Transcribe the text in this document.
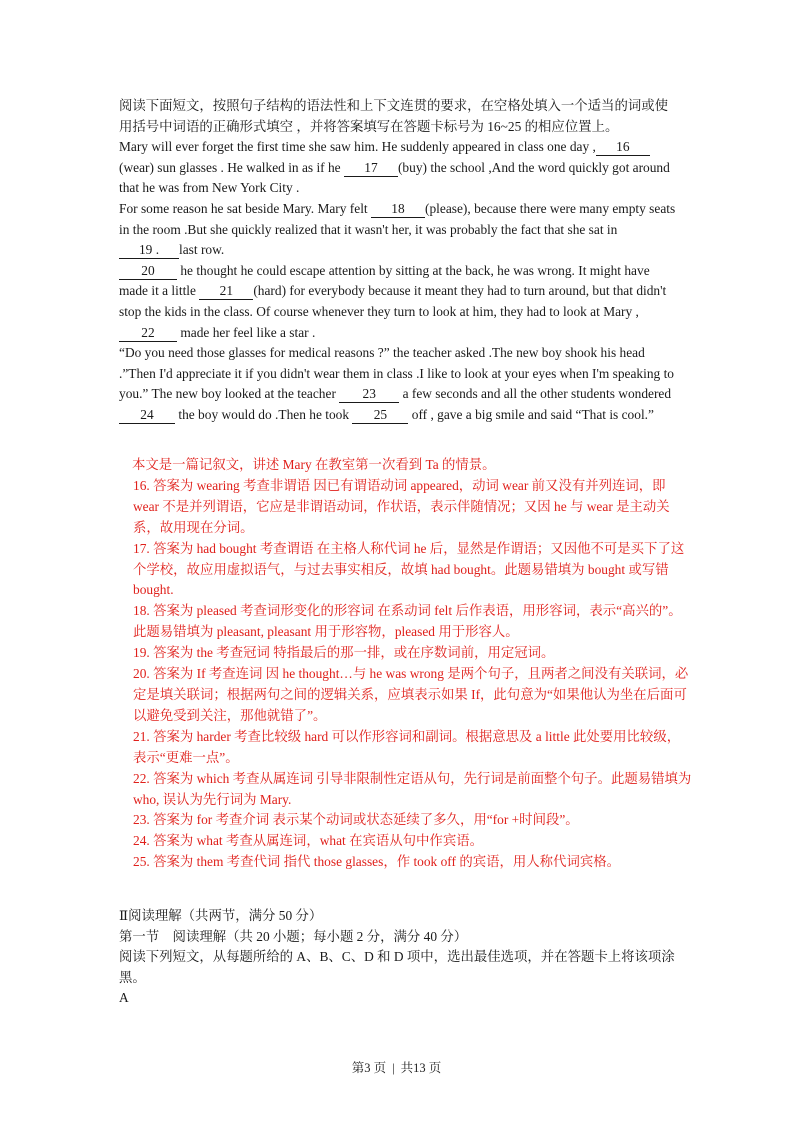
阅读下面短文，按照句子结构的语法性和上下文连贯的要求，在空格处填入一个适当的词或使用括号中词语的正确形式填空 ，并将答案填写在答题卡标号为 16~25 的相应位置上。

Mary will ever forget the first time she saw him. He suddenly appeared in class one day , 16(wear) sun glasses . He walked in as if he 17 (buy) the school ,And the word quickly got around that he was from New York City .

For some reason he sat beside Mary. Mary felt 18 (please), because there were many empty seats in the room .But she quickly realized that it wasn't her, it was probably the fact that she sat in 19 . last row.

20 he thought he could escape attention by sitting at the back, he was wrong. It might have made it a little 21 (hard) for everybody because it meant they had to turn around, but that didn't stop the kids in the class. Of course whenever they turn to look at him, they had to look at Mary ,22 made her feel like a star .

“Do you need those glasses for medical reasons ?” the teacher asked .The new boy shook his head .”Then I'd appreciate it if you didn't wear them in class .I like to look at your eyes when I'm speaking to you.” The new boy looked at the teacher 23 a few seconds and all the other students wondered 24 the boy would do .Then he took 25 off , gave a big smile and said “That is cool.”

本文是一篇记叙文，讲述 Mary 在教室第一次看到 Ta 的情景。

16. 答案为 wearing 考查非谓语 因已有谓语动词 appeared，动词 wear 前又没有并列连词，即 wear 不是并列谓语，它应是非谓语动词，作状语，表示伴随情况；又因 he 与 wear 是主动关系，故用现在分词。

17. 答案为 had bought 考查谓语 在主格人称代词 he 后，显然是作谓语；又因他不可是买下了这个学校，故应用虚拟语气，与过去事实相反，故填 had bought。此题易错填为 bought 或写错 bought.

18. 答案为 pleased 考查词形变化的形容词 在系动词 felt 后作表语，用形容词，表示“高兴的”。此题易错填为 pleasant, pleasant 用于形容物，pleased 用于形容人。

19. 答案为 the 考查冠词 特指最后的那一排，或在序数词前，用定冠词。

20. 答案为 If 考查连词 因 he thought…与 he was wrong 是两个句子，且两者之间没有关联词，必定是填关联词；根据两句之间的逻辑关系，应填表示如果 If，此句意为“如果他认为坐在后面可以避免受到关注，那他就错了”。

21. 答案为 harder 考查比较级 hard 可以作形容词和副词。根据意思及 a little 此处要用比较级，表示“更难一点”。

22. 答案为 which 考查从属连词 引导非限制性定语从句，先行词是前面整个句子。此题易错填为 who, 误认为先行词为 Mary.

23. 答案为 for 考查介词 表示某个动词或状态延续了多久，用“for +时间段”。

24. 答案为 what 考查从属连词，what 在宾语从句中作宾语。

25. 答案为 them 考查代词 指代 those glasses，作 took off 的宾语，用人称代词宾格。

Ⅱ阅读理解（共两节，满分 50 分）

第一节　阅读理解（共 20 小题；每小题 2 分，满分 40 分）

阅读下列短文，从每题所给的 A、B、C、D 和 D 项中，选出最佳选项，并在答题卡上将该项涂黑。

A

第3 页 | 共13 页
